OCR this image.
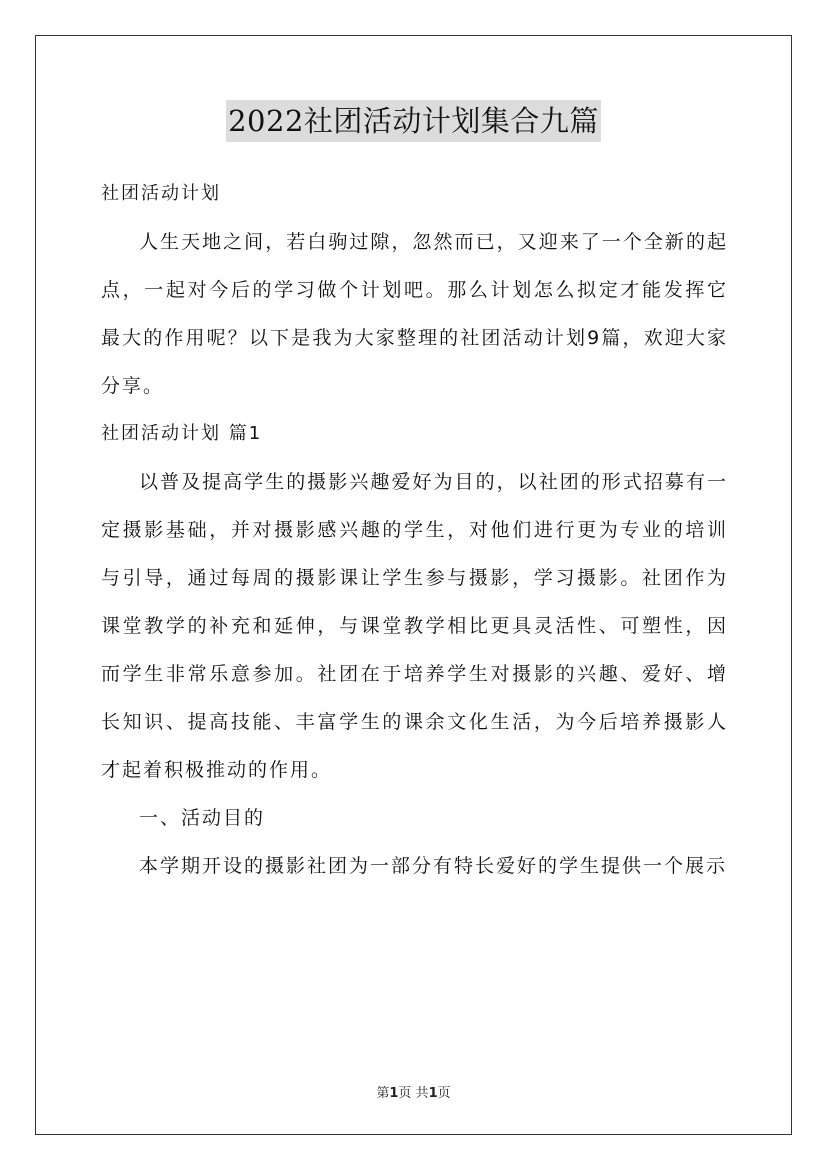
2022社团活动计划集合九篇

社团活动计划

人生天地之间，若白驹过隙，忽然而已，又迎来了一个全新的起点，一起对今后的学习做个计划吧。那么计划怎么拟定才能发挥它最大的作用呢？以下是我为大家整理的社团活动计划9篇，欢迎大家分享。

社团活动计划 篇1

以普及提高学生的摄影兴趣爱好为目的，以社团的形式招募有一定摄影基础，并对摄影感兴趣的学生，对他们进行更为专业的培训与引导，通过每周的摄影课让学生参与摄影，学习摄影。社团作为课堂教学的补充和延伸，与课堂教学相比更具灵活性、可塑性，因而学生非常乐意参加。社团在于培养学生对摄影的兴趣、爱好、增长知识、提高技能、丰富学生的课余文化生活，为今后培养摄影人才起着积极推动的作用。

一、活动目的

本学期开设的摄影社团为一部分有特长爱好的学生提供一个展示

第1页 共1页
